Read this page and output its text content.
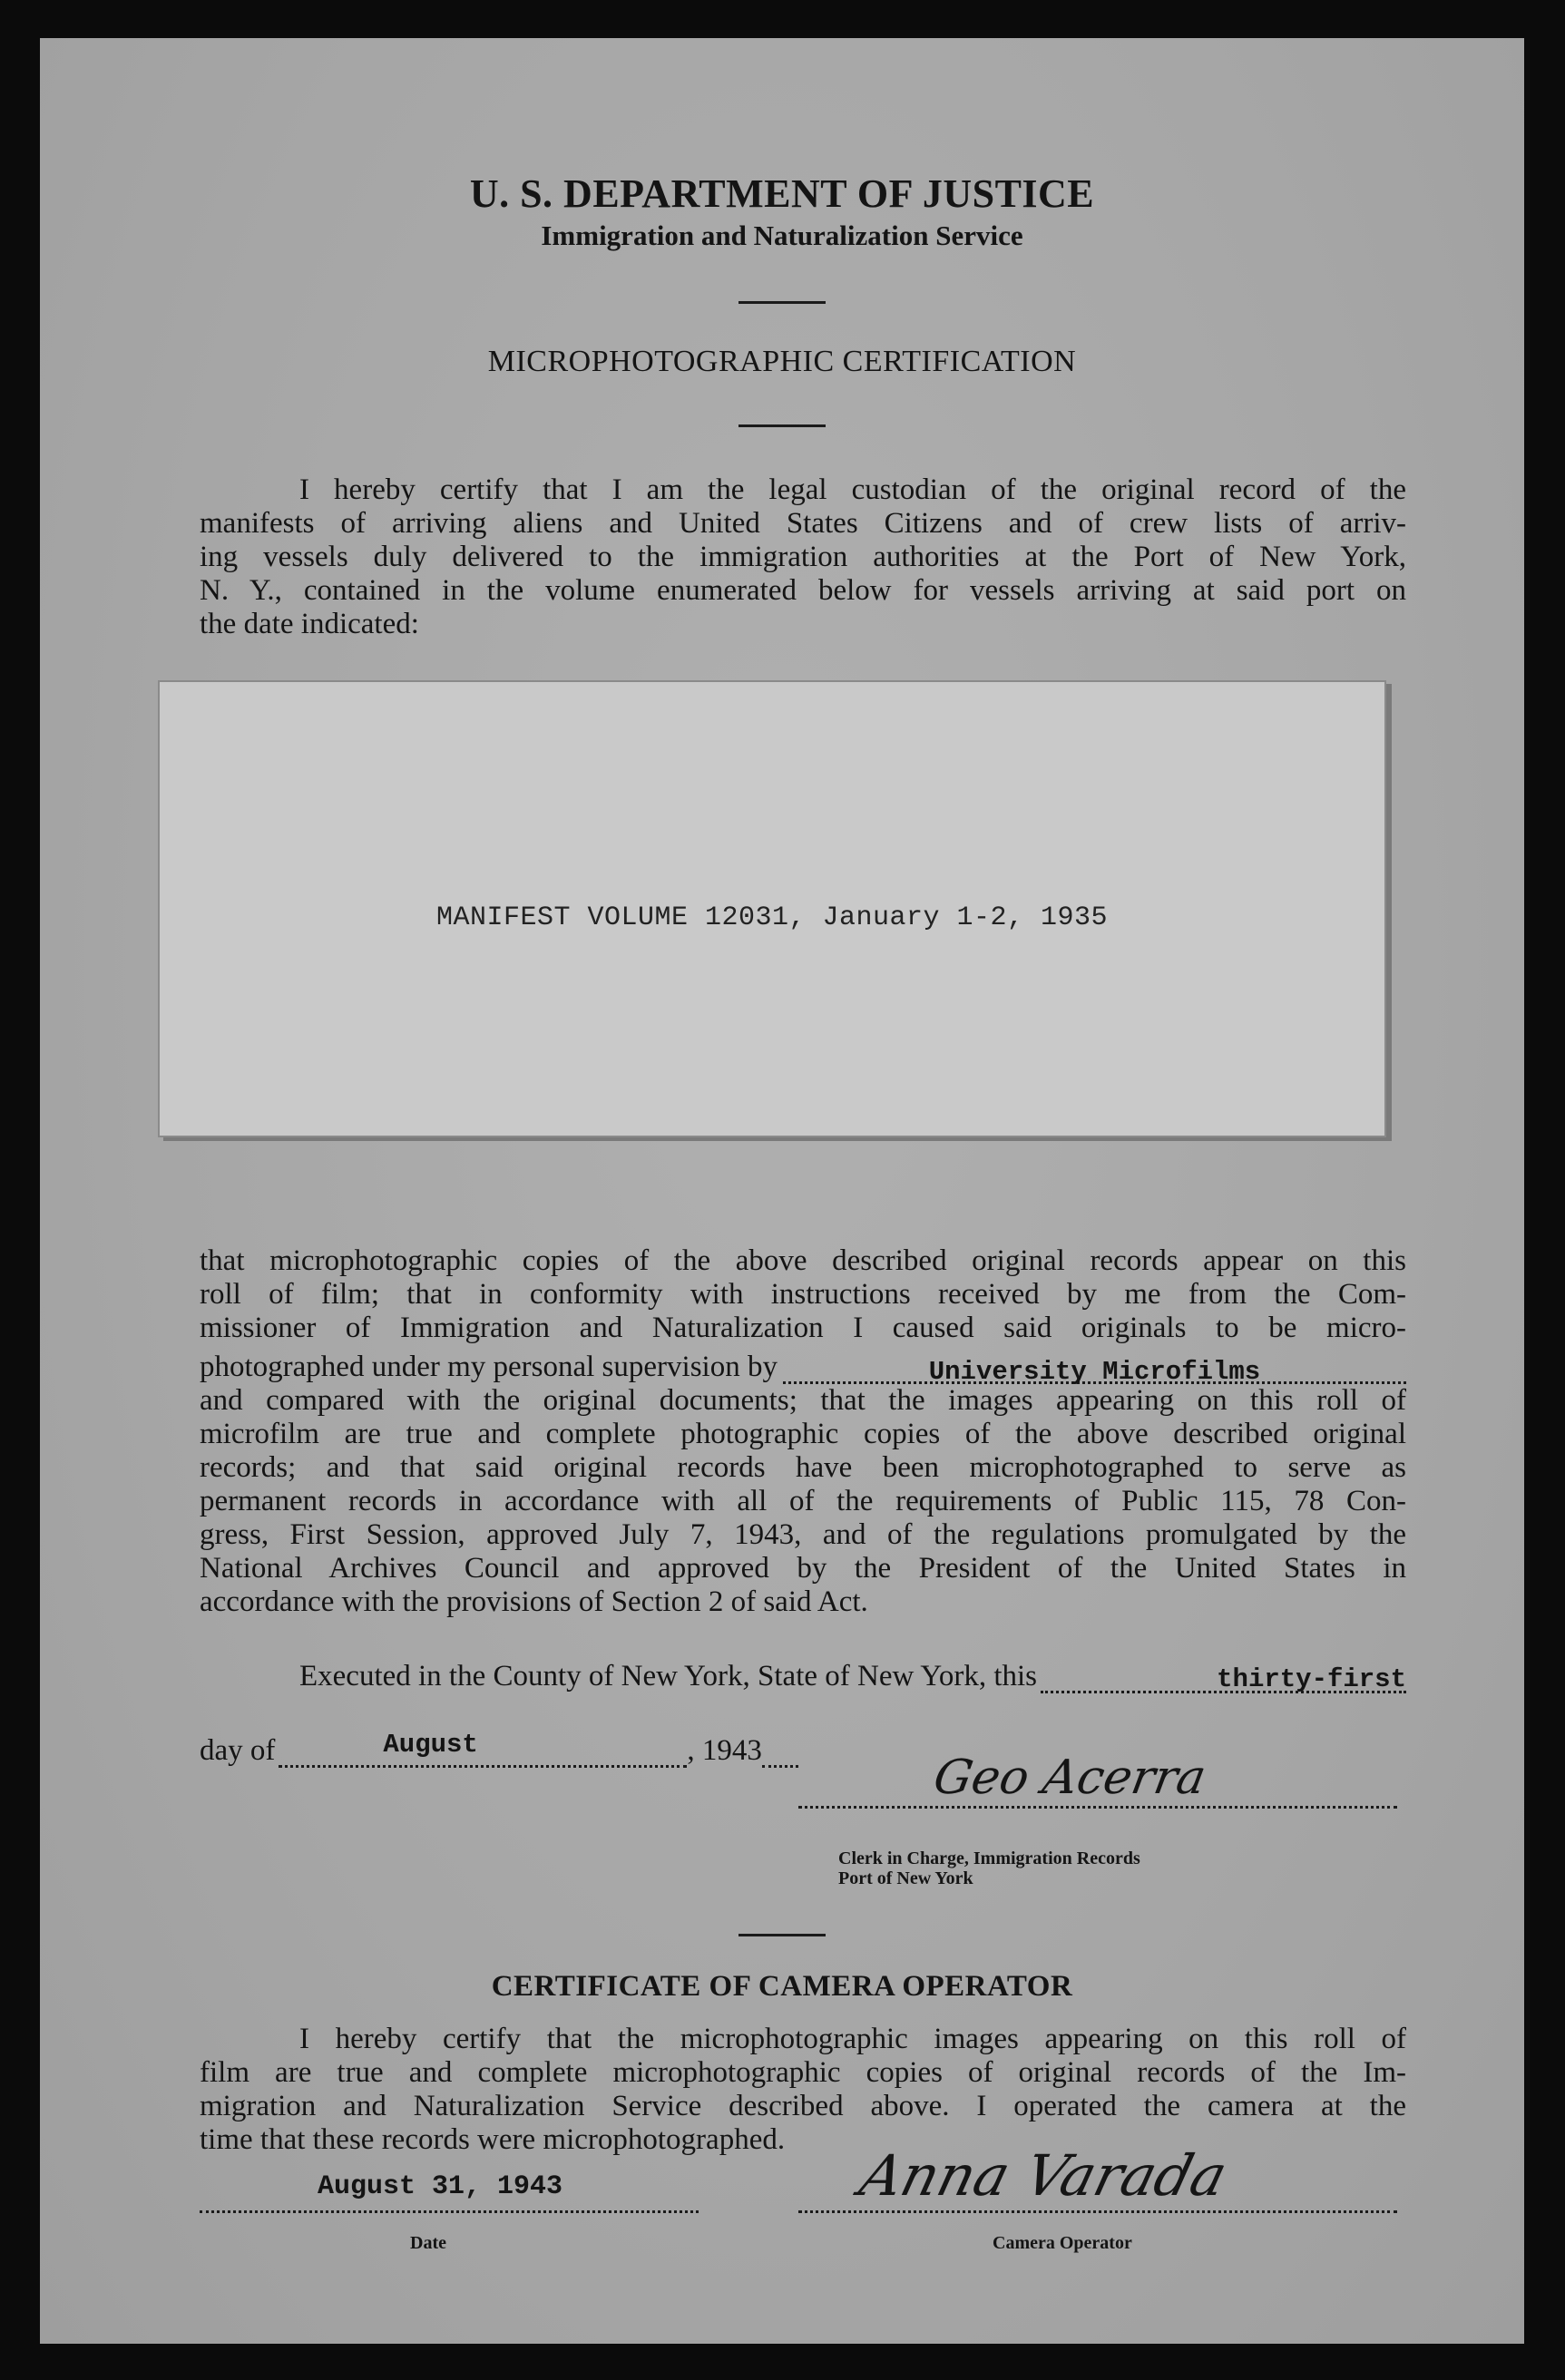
U. S. DEPARTMENT OF JUSTICE
Immigration and Naturalization Service
MICROPHOTOGRAPHIC CERTIFICATION
I hereby certify that I am the legal custodian of the original record of the
manifests of arriving aliens and United States Citizens and of crew lists of arriv-
ing vessels duly delivered to the immigration authorities at the Port of New York,
N. Y., contained in the volume enumerated below for vessels arriving at said port on
the date indicated:
MANIFEST VOLUME 12031, January 1-2, 1935
that microphotographic copies of the above described original records appear on this
roll of film; that in conformity with instructions received by me from the Com-
missioner of Immigration and Naturalization I caused said originals to be micro-
photographed under my personal supervision by	University Microfilms
and compared with the original documents; that the images appearing on this roll of
microfilm are true and complete photographic copies of the above described original
records; and that said original records have been microphotographed to serve as
permanent records in accordance with all of the requirements of Public 115, 78 Con-
gress, First Session, approved July 7, 1943, and of the regulations promulgated by the
National Archives Council and approved by the President of the United States in
accordance with the provisions of Section 2 of said Act.
Executed in the County of New York, State of New York, this	thirty-first
day of	August	, 1943	Geo Acerra
Clerk in Charge, Immigration Records
Port of New York
CERTIFICATE OF CAMERA OPERATOR
I hereby certify that the microphotographic images appearing on this roll of
film are true and complete microphotographic copies of original records of the Im-
migration and Naturalization Service described above. I operated the camera at the
time that these records were microphotographed.
August 31, 1943
Date
Anna Varada
Camera Operator
